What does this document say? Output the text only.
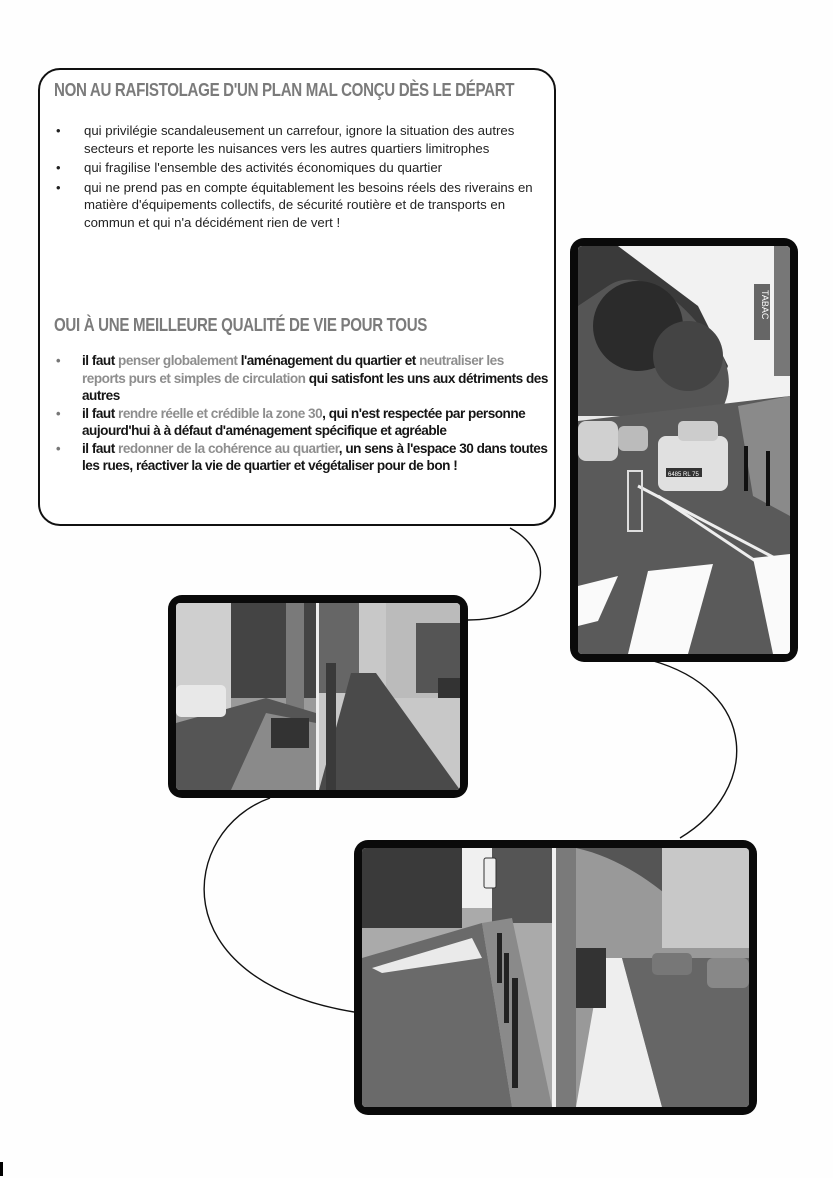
NON AU RAFISTOLAGE D'UN PLAN MAL CONÇU DÈS LE DÉPART
• qui privilégie scandaleusement un carrefour, ignore la situation des autres secteurs et reporte les nuisances vers les autres quartiers limitrophes
• qui fragilise l'ensemble des activités économiques du quartier
• qui ne prend pas en compte équitablement les besoins réels des riverains en matière d'équipements collectifs, de sécurité routière et de transports en commun et qui n'a décidément rien de vert !
OUI À UNE MEILLEURE QUALITÉ DE VIE POUR TOUS
• il faut penser globalement l'aménagement du quartier et neutraliser les reports purs et simples de circulation qui satisfont les uns aux détriments des autres
• il faut rendre réelle et crédible la zone 30, qui n'est respectée par personne aujourd'hui à à défaut d'aménagement spécifique et agréable
• il faut redonner de la cohérence au quartier, un sens à l'espace 30 dans toutes les rues, réactiver la vie de quartier et végétaliser pour de bon !
TABAC
6485 RL 75
